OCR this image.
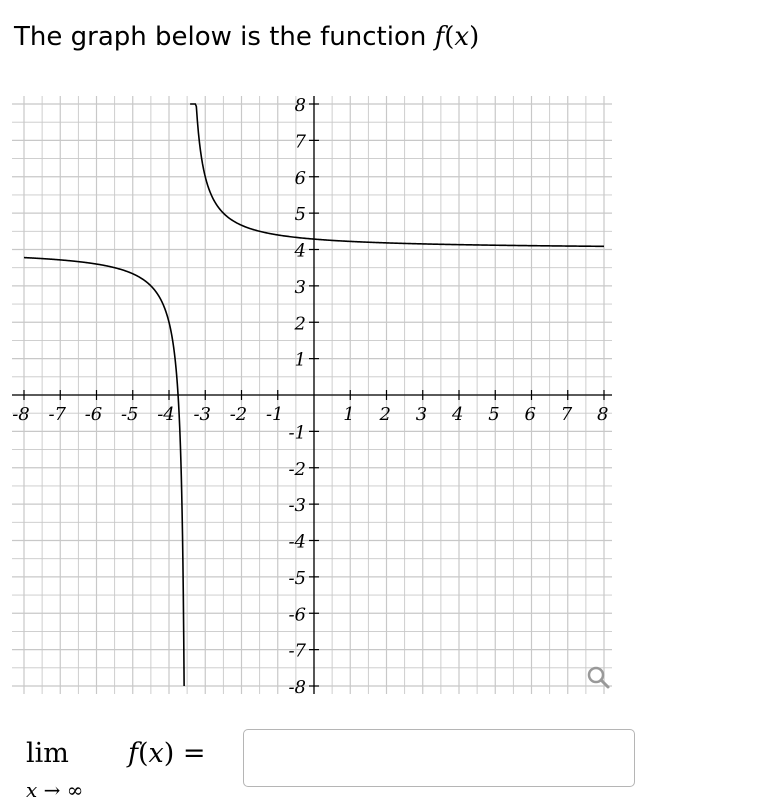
The graph below is the function f(x)
-8 -7 -6 -5 -4 -3 -2 -1	1 2 3 4 5 6 7 8
8
7
6
5
4
3
2
1
-1
-2
-3
-4
-5
-6
-7
-8
lim
x → ∞
f(x) =
